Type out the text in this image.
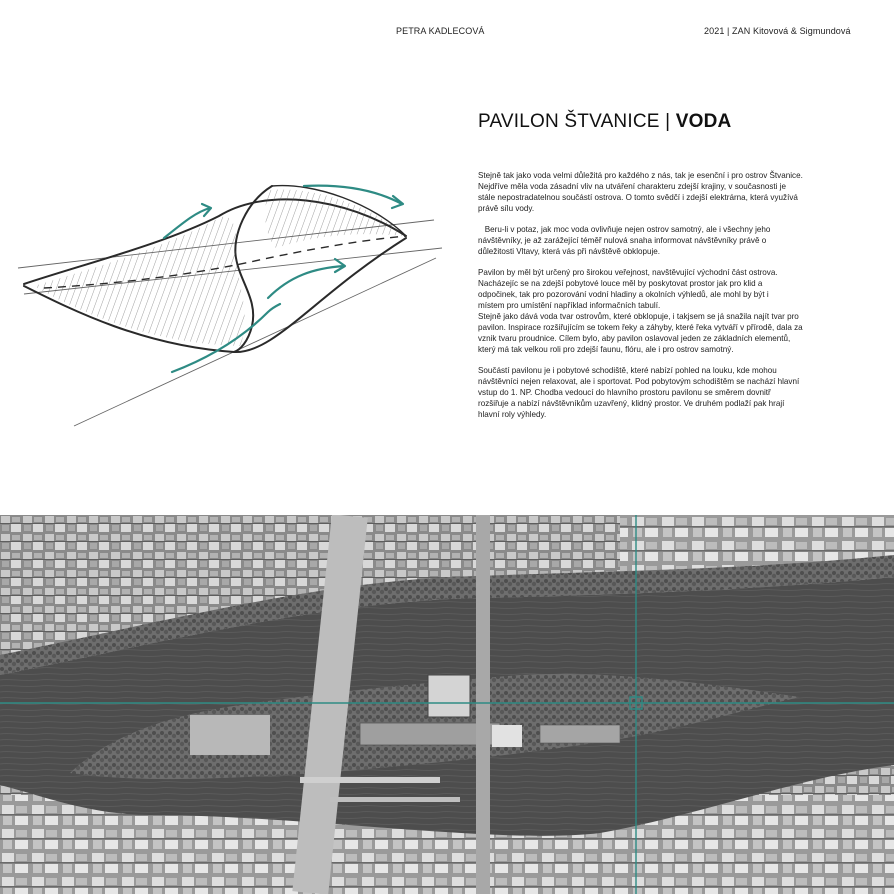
PETRA KADLECOVÁ	2021 | ZAN Kitovová & Sigmundová
PAVILON ŠTVANICE | VODA

Stejně tak jako voda velmi důležitá pro každého z nás, tak je esenční i pro ostrov Štvanice.
Nejdříve měla voda zásadní vliv na utváření charakteru zdejší krajiny, v současnosti je
stále nepostradatelnou součástí ostrova. O tomto svědčí i zdejší elektrárna, která využívá
právě sílu vody.

Beru-li v potaz, jak moc voda ovlivňuje nejen ostrov samotný, ale i všechny jeho
návštěvníky, je až zarážející téměř nulová snaha informovat návštěvníky právě o
důležitosti Vltavy, která vás při návštěvě obklopuje.

Pavilon by měl být určený pro širokou veřejnost, navštěvující východní část ostrova.
Nacházejíc se na zdejší pobytové louce měl by poskytovat prostor jak pro klid a
odpočinek, tak pro pozorování vodní hladiny a okolních výhledů, ale mohl by být i
místem pro umístění například informačních tabulí.
Stejně jako dává voda tvar ostrovům, které obklopuje, i takjsem se já snažila najít tvar pro
pavilon. Inspirace rozšiřujícím se tokem řeky a záhyby, které řeka vytváří v přírodě, dala za
vznik tvaru proudnice. Cílem bylo, aby pavilon oslavoval jeden ze základních elementů,
který má tak velkou roli pro zdejší faunu, flóru, ale i pro ostrov samotný.

Součástí pavilonu je i pobytové schodiště, které nabízí pohled na louku, kde mohou
návštěvníci nejen relaxovat, ale i sportovat. Pod pobytovým schodištěm se nachází hlavní
vstup do 1. NP. Chodba vedoucí do hlavního prostoru pavilonu se směrem dovnitř
rozšiřuje a nabízí návštěvníkům uzavřený, klidný prostor. Ve druhém podlaží pak hrají
hlavní roly výhledy.
